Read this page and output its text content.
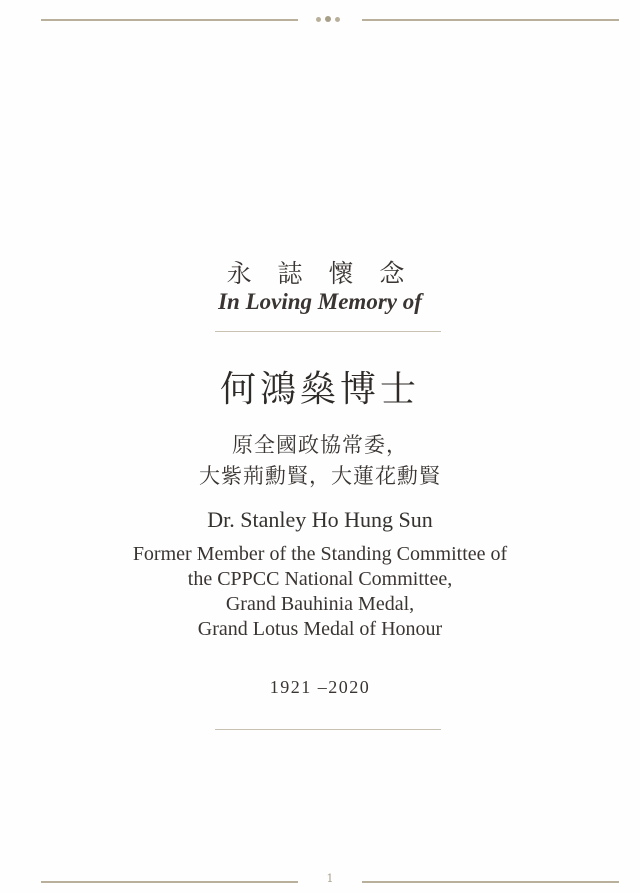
永 誌 懷 念
In Loving Memory of
何鴻燊博士
原全國政協常委，
大紫荊勳賢，大蓮花勳賢
Dr. Stanley Ho Hung Sun
Former Member of the Standing Committee of
the CPPCC National Committee,
Grand Bauhinia Medal,
Grand Lotus Medal of Honour
1921 –2020
1
